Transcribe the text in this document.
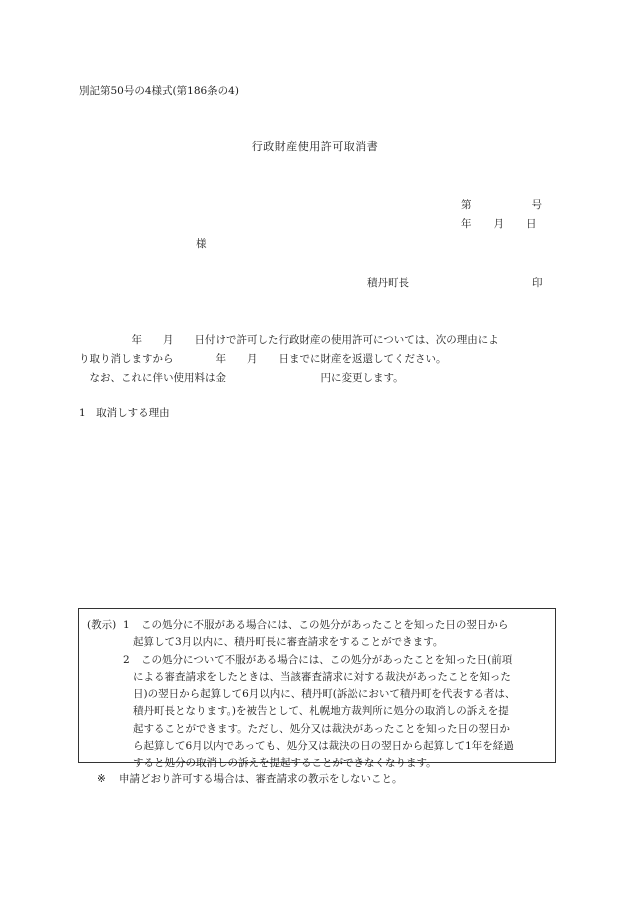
別記第50号の4様式(第186条の4)
行政財産使用許可取消書
第	号
年 月 日
様
積丹町長	印

　　　　　年　　月　　日付けで許可した行政財産の使用許可については、次の理由によ

り取り消しますから　　　　年　　月　　日までに財産を返還してください。

　なお、これに伴い使用料は金　　　　　　　　　円に変更します。

1　取消しする理由
(教示) 1	この処分に不服がある場合には、この処分があったことを知った日の翌日から
起算して3月以内に、積丹町長に審査請求をすることができます。
2	この処分について不服がある場合には、この処分があったことを知った日(前項
による審査請求をしたときは、当該審査請求に対する裁決があったことを知った
日)の翌日から起算して6月以内に、積丹町(訴訟において積丹町を代表する者は、
積丹町長となります。)を被告として、札幌地方裁判所に処分の取消しの訴えを提
起することができます。ただし、処分又は裁決があったことを知った日の翌日か
ら起算して6月以内であっても、処分又は裁決の日の翌日から起算して1年を経過
すると処分の取消しの訴えを提起することができなくなります。
※ 申請どおり許可する場合は、審査請求の教示をしないこと。
